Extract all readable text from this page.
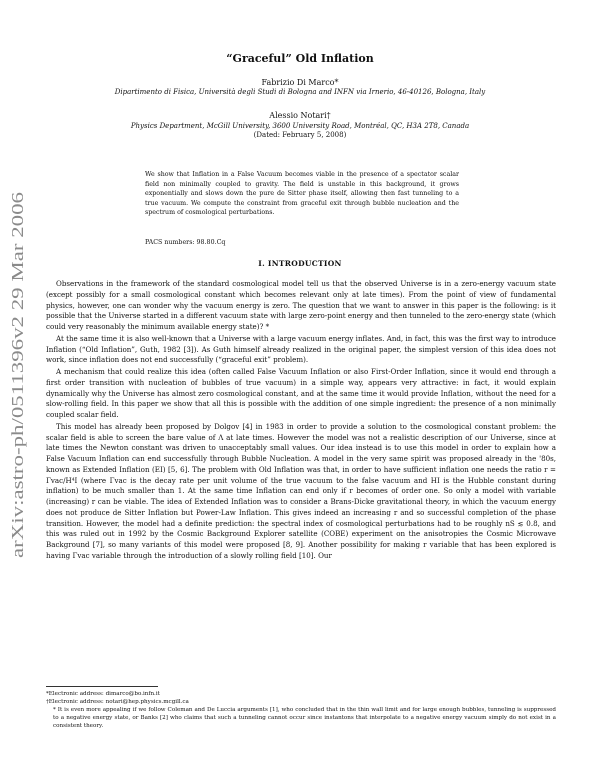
arXiv:astro-ph/0511396v2 29 Mar 2006
“Graceful” Old Inflation
Fabrizio Di Marco*
Dipartimento di Fisica, Università degli Studi di Bologna and INFN via Irnerio, 46-40126, Bologna, Italy
Alessio Notari†
Physics Department, McGill University, 3600 University Road, Montréal, QC, H3A 2T8, Canada
(Dated: February 5, 2008)
We show that Inflation in a False Vacuum becomes viable in the presence of a spectator scalar field non minimally coupled to gravity. The field is unstable in this background, it grows exponentially and slows down the pure de Sitter phase itself, allowing then fast tunneling to a true vacuum. We compute the constraint from graceful exit through bubble nucleation and the spectrum of cosmological perturbations.
PACS numbers: 98.80.Cq
I. INTRODUCTION

Observations in the framework of the standard cosmological model tell us that the observed Universe is in a zero-energy vacuum state (except possibly for a small cosmological constant which becomes relevant only at late times). From the point of view of fundamental physics, however, one can wonder why the vacuum energy is zero. The question that we want to answer in this paper is the following: is it possible that the Universe started in a different vacuum state with large zero-point energy and then tunneled to the zero-energy state (which could very reasonably the minimum available energy state)? *

At the same time it is also well-known that a Universe with a large vacuum energy inflates. And, in fact, this was the first way to introduce Inflation (“Old Inflation”, Guth, 1982 [3]). As Guth himself already realized in the original paper, the simplest version of this idea does not work, since inflation does not end successfully (“graceful exit” problem).

A mechanism that could realize this idea (often called False Vacuum Inflation or also First-Order Inflation, since it would end through a first order transition with nucleation of bubbles of true vacuum) in a simple way, appears very attractive: in fact, it would explain dynamically why the Universe has almost zero cosmological constant, and at the same time it would provide Inflation, without the need for a slow-rolling field. In this paper we show that all this is possible with the addition of one simple ingredient: the presence of a non minimally coupled scalar field.

This model has already been proposed by Dolgov [4] in 1983 in order to provide a solution to the cosmological constant problem: the scalar field is able to screen the bare value of Λ at late times. However the model was not a realistic description of our Universe, since at late times the Newton constant was driven to unacceptably small values. Our idea instead is to use this model in order to explain how a False Vacuum Inflation can end successfully through Bubble Nucleation. A model in the very same spirit was proposed already in the '80s, known as Extended Inflation (EI) [5, 6]. The problem with Old Inflation was that, in order to have sufficient inflation one needs the ratio r = Γvac/H⁴I (where Γvac is the decay rate per unit volume of the true vacuum to the false vacuum and HI is the Hubble constant during inflation) to be much smaller than 1. At the same time Inflation can end only if r becomes of order one. So only a model with variable (increasing) r can be viable. The idea of Extended Inflation was to consider a Brans-Dicke gravitational theory, in which the vacuum energy does not produce de Sitter Inflation but Power-Law Inflation. This gives indeed an increasing r and so successful completion of the phase transition. However, the model had a definite prediction: the spectral index of cosmological perturbations had to be roughly nS ≲ 0.8, and this was ruled out in 1992 by the Cosmic Background Explorer satellite (COBE) experiment on the anisotropies the Cosmic Microwave Background [7], so many variants of this model were proposed [8, 9]. Another possibility for making r variable that has been explored is having Γvac variable through the introduction of a slowly rolling field [10]. Our

*Electronic address: dimarco@bo.infn.it
†Electronic address: notari@hep.physics.mcgill.ca
* It is even more appealing if we follow Coleman and De Luccia arguments [1], who concluded that in the thin wall limit and for large enough bubbles, tunneling is suppressed to a negative energy state, or Banks [2] who claims that such a tunneling cannot occur since instantons that interpolate to a negative energy vacuum simply do not exist in a consistent theory.
